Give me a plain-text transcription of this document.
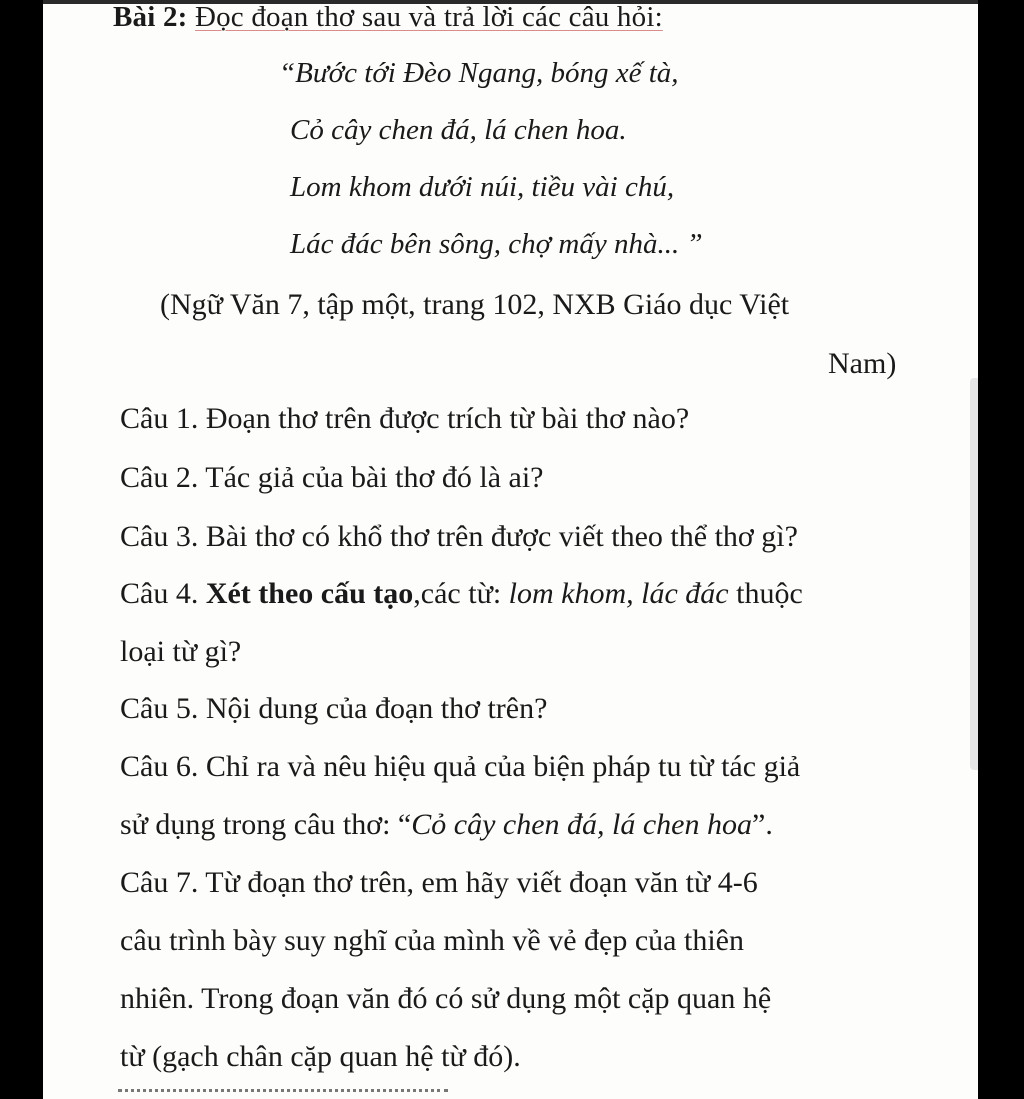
Bài 2: Đọc đoạn thơ sau và trả lời các câu hỏi:
“Bước tới Đèo Ngang, bóng xế tà,
Cỏ cây chen đá, lá chen hoa.
Lom khom dưới núi, tiều vài chú,
Lác đác bên sông, chợ mấy nhà... ”
(Ngữ Văn 7, tập một, trang 102, NXB Giáo dục Việt
Nam)
Câu 1. Đoạn thơ trên được trích từ bài thơ nào?
Câu 2. Tác giả của bài thơ đó là ai?
Câu 3. Bài thơ có khổ thơ trên được viết theo thể thơ gì?
Câu 4. Xét theo cấu tạo,các từ: lom khom, lác đác thuộc
loại từ gì?
Câu 5. Nội dung của đoạn thơ trên?
Câu 6. Chỉ ra và nêu hiệu quả của biện pháp tu từ tác giả
sử dụng trong câu thơ: “Cỏ cây chen đá, lá chen hoa”.
Câu 7. Từ đoạn thơ trên, em hãy viết đoạn văn từ 4-6
câu trình bày suy nghĩ của mình về vẻ đẹp của thiên
nhiên. Trong đoạn văn đó có sử dụng một cặp quan hệ
từ (gạch chân cặp quan hệ từ đó).
